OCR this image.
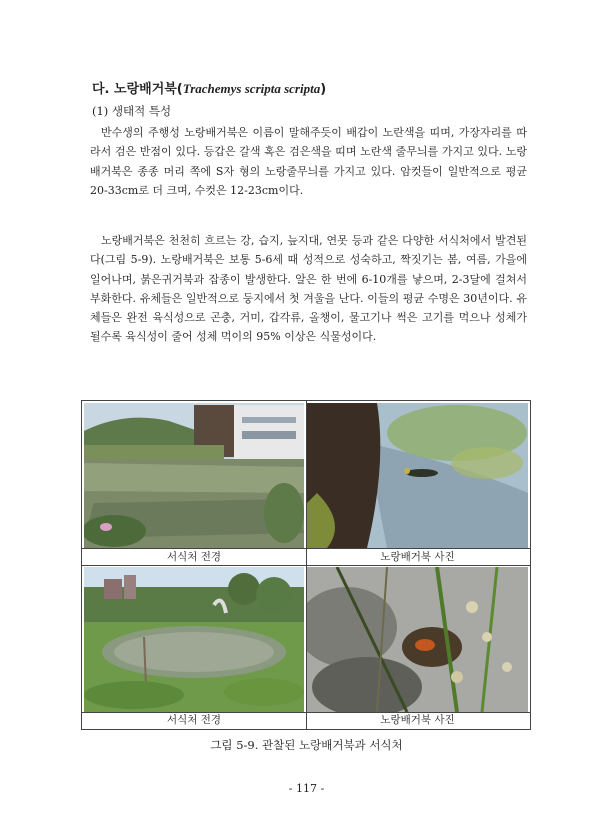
다. 노랑배거북(Trachemys scripta scripta)
(1) 생태적 특성

반수생의 주행성 노랑배거북은 이름이 말해주듯이 배갑이 노란색을 띠며, 가장자리를 따라서 검은 반점이 있다. 등갑은 갈색 혹은 검은색을 띠며 노란색 줄무늬를 가지고 있다. 노랑배거북은 종종 머리 쪽에 S자 형의 노랑줄무늬를 가지고 있다. 암컷들이 일반적으로 평균 20-33cm로 더 크며, 수컷은 12-23cm이다.

노랑배거북은 천천히 흐르는 강, 습지, 늪지대, 연못 등과 같은 다양한 서식처에서 발견된다(그림 5-9). 노랑배거북은 보통 5-6세 때 성적으로 성숙하고, 짝짓기는 봄, 여름, 가을에 일어나며, 붉은귀거북과 잡종이 발생한다. 알은 한 번에 6-10개를 낳으며, 2-3달에 걸쳐서 부화한다. 유체들은 일반적으로 둥지에서 첫 겨울을 난다. 이들의 평균 수명은 30년이다. 유체들은 완전 육식성으로 곤충, 거미, 갑각류, 올챙이, 물고기나 썩은 고기를 먹으나 성체가 될수록 육식성이 줄어 성체 먹이의 95% 이상은 식물성이다.

서식처 전경	노랑배거북 사진
서식처 전경	노랑배거북 사진
그림 5-9. 관찰된 노랑배거북과 서식처
- 117 -
